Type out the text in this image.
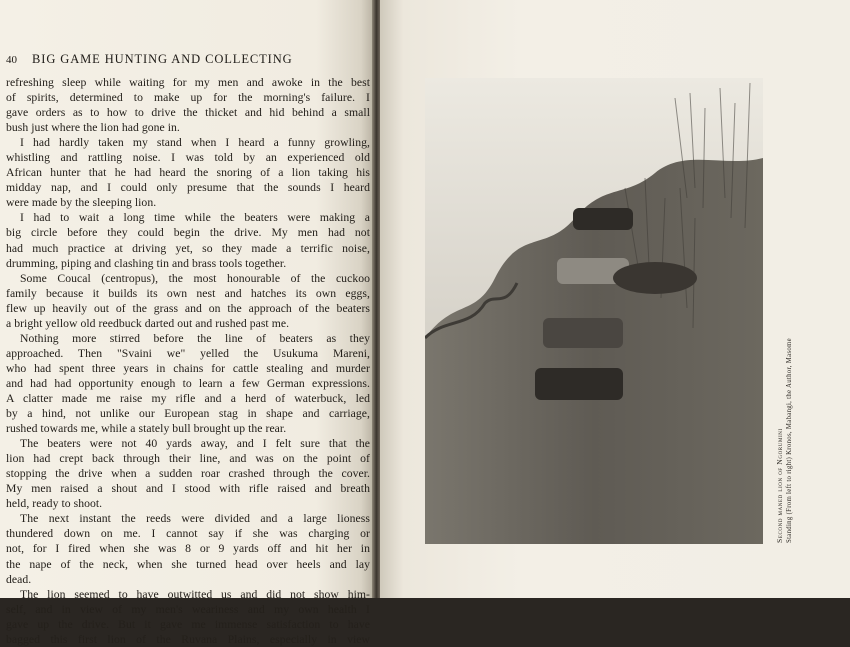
40 BIG GAME HUNTING AND COLLECTING
refreshing sleep while waiting for my men and awoke in the best
of spirits, determined to make up for the morning's failure. I
gave orders as to how to drive the thicket and hid behind a small
bush just where the lion had gone in.
I had hardly taken my stand when I heard a funny growling,
whistling and rattling noise. I was told by an experienced old
African hunter that he had heard the snoring of a lion taking his
midday nap, and I could only presume that the sounds I heard
were made by the sleeping lion.
I had to wait a long time while the beaters were making a
big circle before they could begin the drive. My men had not
had much practice at driving yet, so they made a terrific noise,
drumming, piping and clashing tin and brass tools together.
Some Coucal (centropus), the most honourable of the cuckoo
family because it builds its own nest and hatches its own eggs,
flew up heavily out of the grass and on the approach of the beaters
a bright yellow old reedbuck darted out and rushed past me.
Nothing more stirred before the line of beaters as they
approached. Then "Svaini we" yelled the Usukuma Mareni,
who had spent three years in chains for cattle stealing and murder
and had had opportunity enough to learn a few German expressions.
A clatter made me raise my rifle and a herd of waterbuck, led
by a hind, not unlike our European stag in shape and carriage,
rushed towards me, while a stately bull brought up the rear.
The beaters were not 40 yards away, and I felt sure that the
lion had crept back through their line, and was on the point of
stopping the drive when a sudden roar crashed through the cover.
My men raised a shout and I stood with rifle raised and breath
held, ready to shoot.
The next instant the reeds were divided and a large lioness
thundered down on me. I cannot say if she was charging or
not, for I fired when she was 8 or 9 yards off and hit her in
the nape of the neck, when she turned head over heels and lay
dead.
The lion seemed to have outwitted us and did not show him-
self, and in view of my men's weariness and my own health I
gave up the drive. But it gave me immense satisfaction to have
bagged this first lion of the Ruvana Plains, especially in view
Second maned lion of Ngorumini Standing (From left to right) Kronos, Mabangi, the Author, Masome
